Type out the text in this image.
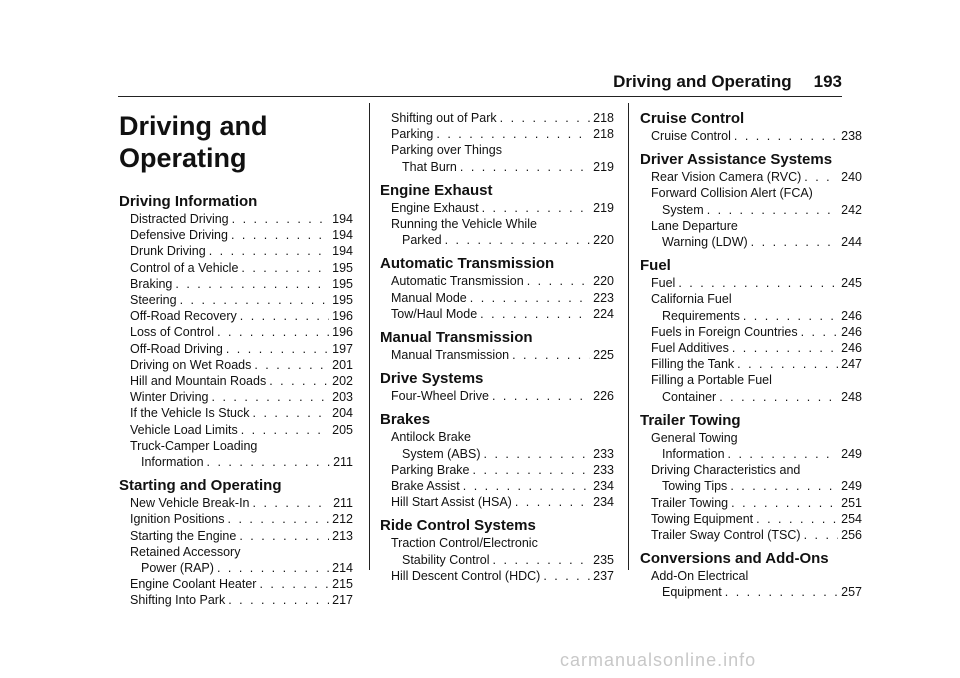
Driving and Operating 193
Driving and
Operating
Driving Information
Distracted Driving . . .	194
Defensive Driving . . .	194
Drunk Driving . . .	194
Control of a Vehicle . . .	195
Braking . . .	195
Steering . . .	195
Off-Road Recovery . . .	196
Loss of Control . . .	196
Off-Road Driving . . .	197
Driving on Wet Roads . . .	201
Hill and Mountain Roads . . .	202
Winter Driving . . .	203
If the Vehicle Is Stuck . . .	204
Vehicle Load Limits . . .	205
Truck-Camper Loading
Information . . .	211
Starting and Operating
New Vehicle Break-In . . .	211
Ignition Positions . . .	212
Starting the Engine . . .	213
Retained Accessory
Power (RAP) . . .	214
Engine Coolant Heater . . .	215
Shifting Into Park . . .	217
Shifting out of Park . . .	218
Parking . . .	218
Parking over Things
That Burn . . .	219
Engine Exhaust
Engine Exhaust . . .	219
Running the Vehicle While
Parked . . .	220
Automatic Transmission
Automatic Transmission . . .	220
Manual Mode . . .	223
Tow/Haul Mode . . .	224
Manual Transmission
Manual Transmission . . .	225
Drive Systems
Four-Wheel Drive . . .	226
Brakes
Antilock Brake
System (ABS) . . .	233
Parking Brake . . .	233
Brake Assist . . .	234
Hill Start Assist (HSA) . . .	234
Ride Control Systems
Traction Control/Electronic
Stability Control . . .	235
Hill Descent Control (HDC) . . .	237
Cruise Control
Cruise Control . . .	238
Driver Assistance Systems
Rear Vision Camera (RVC) . . .	240
Forward Collision Alert (FCA)
System . . .	242
Lane Departure
Warning (LDW) . . .	244
Fuel
Fuel . . .	245
California Fuel
Requirements . . .	246
Fuels in Foreign Countries . . .	246
Fuel Additives . . .	246
Filling the Tank . . .	247
Filling a Portable Fuel
Container . . .	248
Trailer Towing
General Towing
Information . . .	249
Driving Characteristics and
Towing Tips . . .	249
Trailer Towing . . .	251
Towing Equipment . . .	254
Trailer Sway Control (TSC) . . .	256
Conversions and Add-Ons
Add-On Electrical
Equipment . . .	257
carmanualsonline.info
